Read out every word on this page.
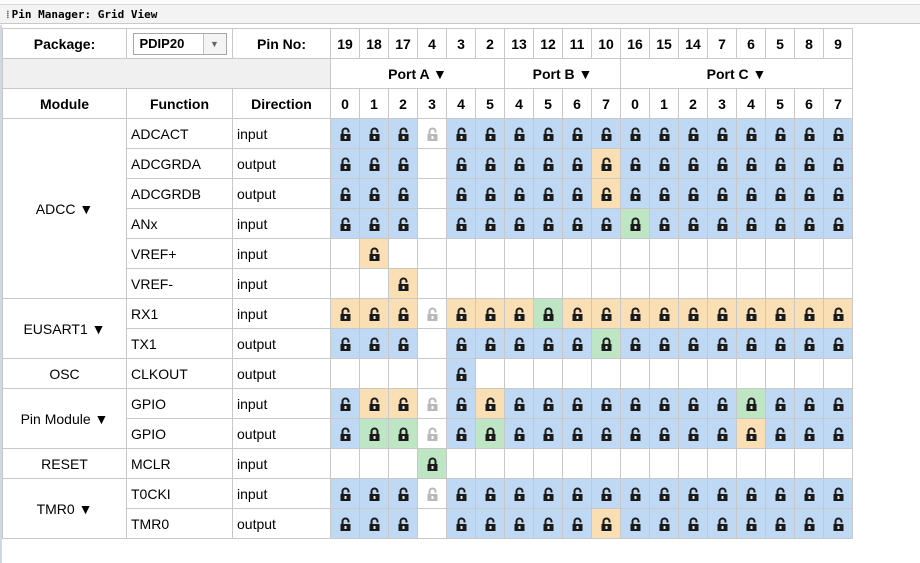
⁞ Pin Manager: Grid View
Package:	PDIP20 ▼	Pin No:	19	18	17	4	3	2	13	12	11	10	16	15	14	7	6	5	8	9
			Port A ▼						Port B ▼				Port C ▼							
Module	Function	Direction	0	1	2	3	4	5	4	5	6	7	0	1	2	3	4	5	6	7
ADCC ▼	ADCACT	input																		
	ADCGRDA	output																		
	ADCGRDB	output																		
	ANx	input																		
	VREF+	input																		
	VREF-	input																		
EUSART1 ▼	RX1	input																		
	TX1	output																		
OSC	CLKOUT	output																		
Pin Module ▼	GPIO	input																		
	GPIO	output																		
RESET	MCLR	input																		
TMR0 ▼	T0CKI	input																		
	TMR0	output																		
